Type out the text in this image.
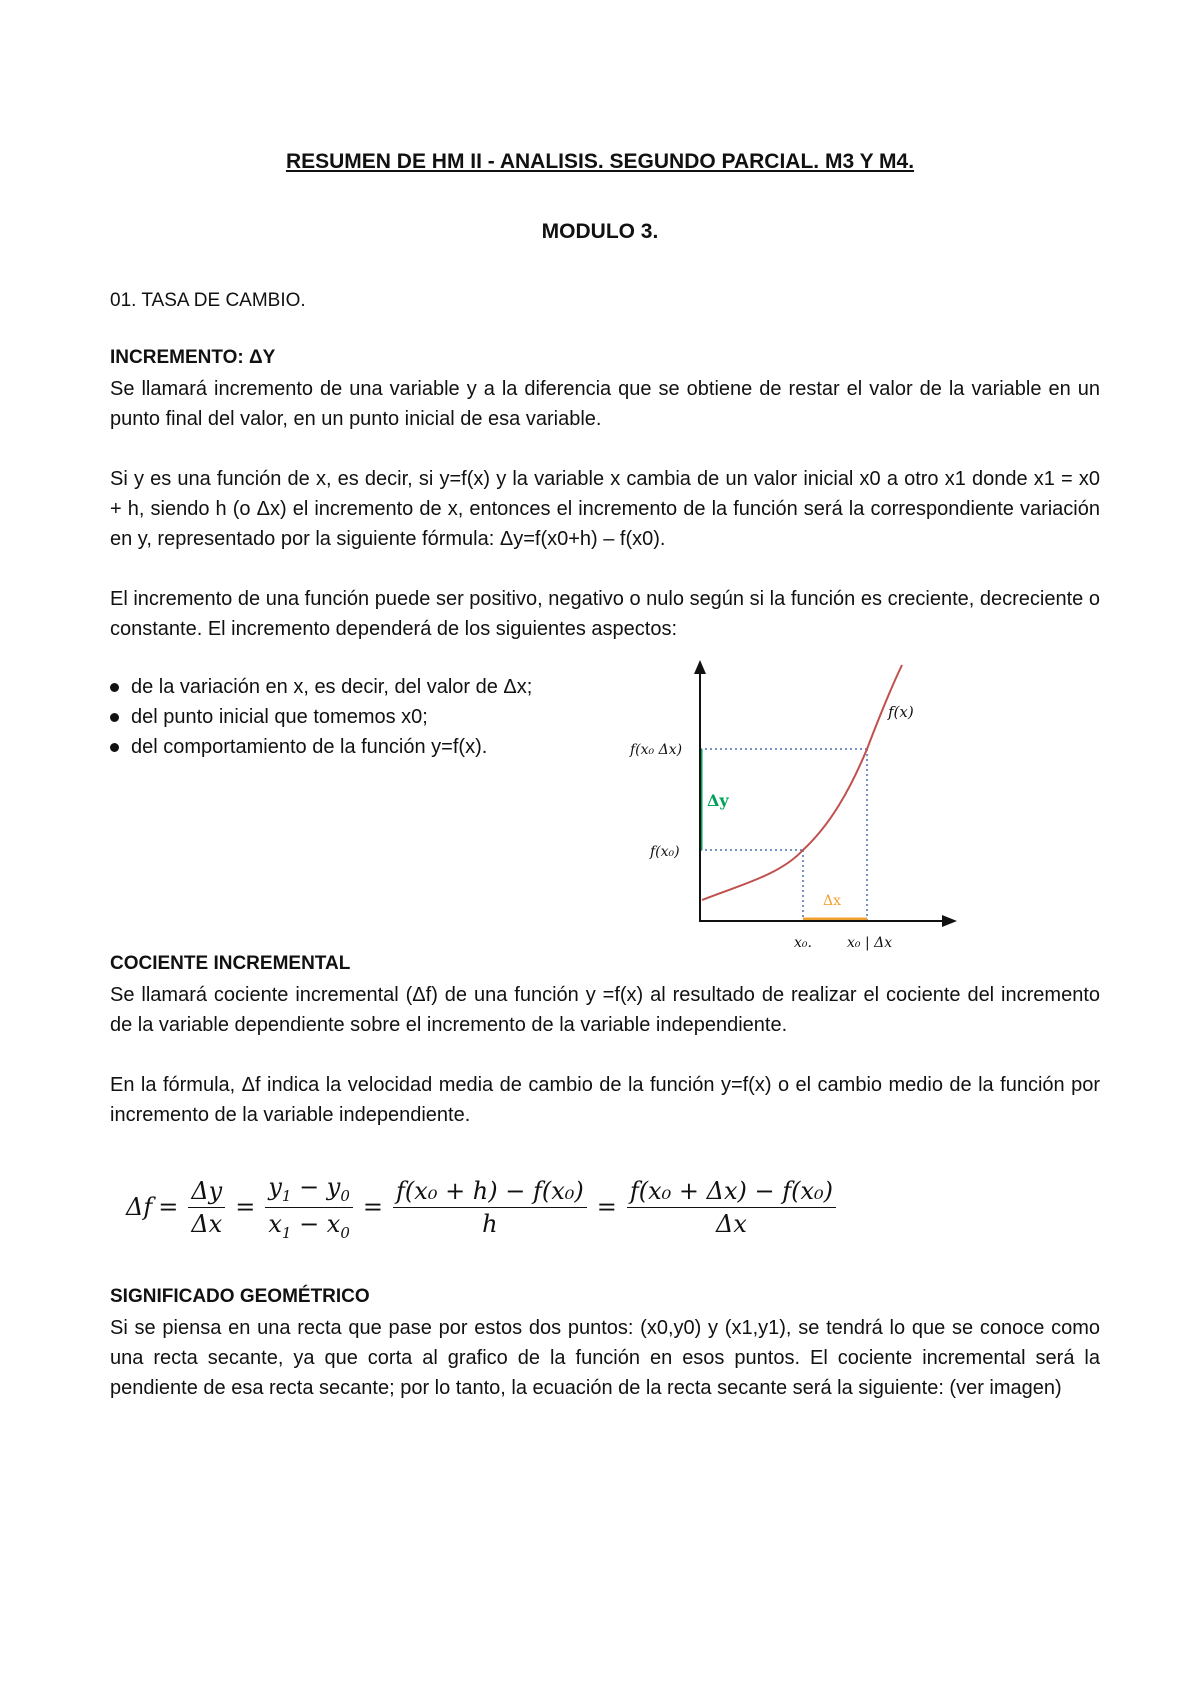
RESUMEN DE HM II - ANALISIS. SEGUNDO PARCIAL. M3 Y M4.
MODULO 3.
01. TASA DE CAMBIO.
INCREMENTO: ΔY
Se llamará incremento de una variable y a la diferencia que se obtiene de restar el valor de la variable en un punto final del valor, en un punto inicial de esa variable.
Si y es una función de x, es decir, si y=f(x) y la variable x cambia de un valor inicial x0 a otro x1 donde x1 = x0 + h, siendo h (o Δx) el incremento de x, entonces el incremento de la función será la correspondiente variación en y, representado por la siguiente fórmula: Δy=f(x0+h) – f(x0).
El incremento de una función puede ser positivo, negativo o nulo según si la función es creciente, decreciente o constante. El incremento dependerá de los siguientes aspectos:
de la variación en x, es decir, del valor de Δx;
del punto inicial que tomemos x0;
del comportamiento de la función y=f(x).
f(x)
f(x₀ Δx)
f(x₀)
Δy
Δx
x₀.	x₀ | Δx
COCIENTE INCREMENTAL
Se llamará cociente incremental (Δf) de una función y =f(x) al resultado de realizar el cociente del incremento de la variable dependiente sobre el incremento de la variable independiente.
En la fórmula, Δf indica la velocidad media de cambio de la función y=f(x) o el cambio medio de la función por incremento de la variable independiente.
$\Delta f = \frac{\Delta y}{\Delta x} = \frac{y_1 - y_0}{x_1 - x_0} = \frac{\text{f(x₀ + h) − f(x₀)}}{h} = \frac{\text{f(x₀ + Δx) − f(x₀)}}{\Delta x}$
SIGNIFICADO GEOMÉTRICO
Si se piensa en una recta que pase por estos dos puntos: (x0,y0) y (x1,y1), se tendrá lo que se conoce como una recta secante, ya que corta al grafico de la función en esos puntos. El cociente incremental será la pendiente de esa recta secante; por lo tanto, la ecuación de la recta secante será la siguiente: (ver imagen)
